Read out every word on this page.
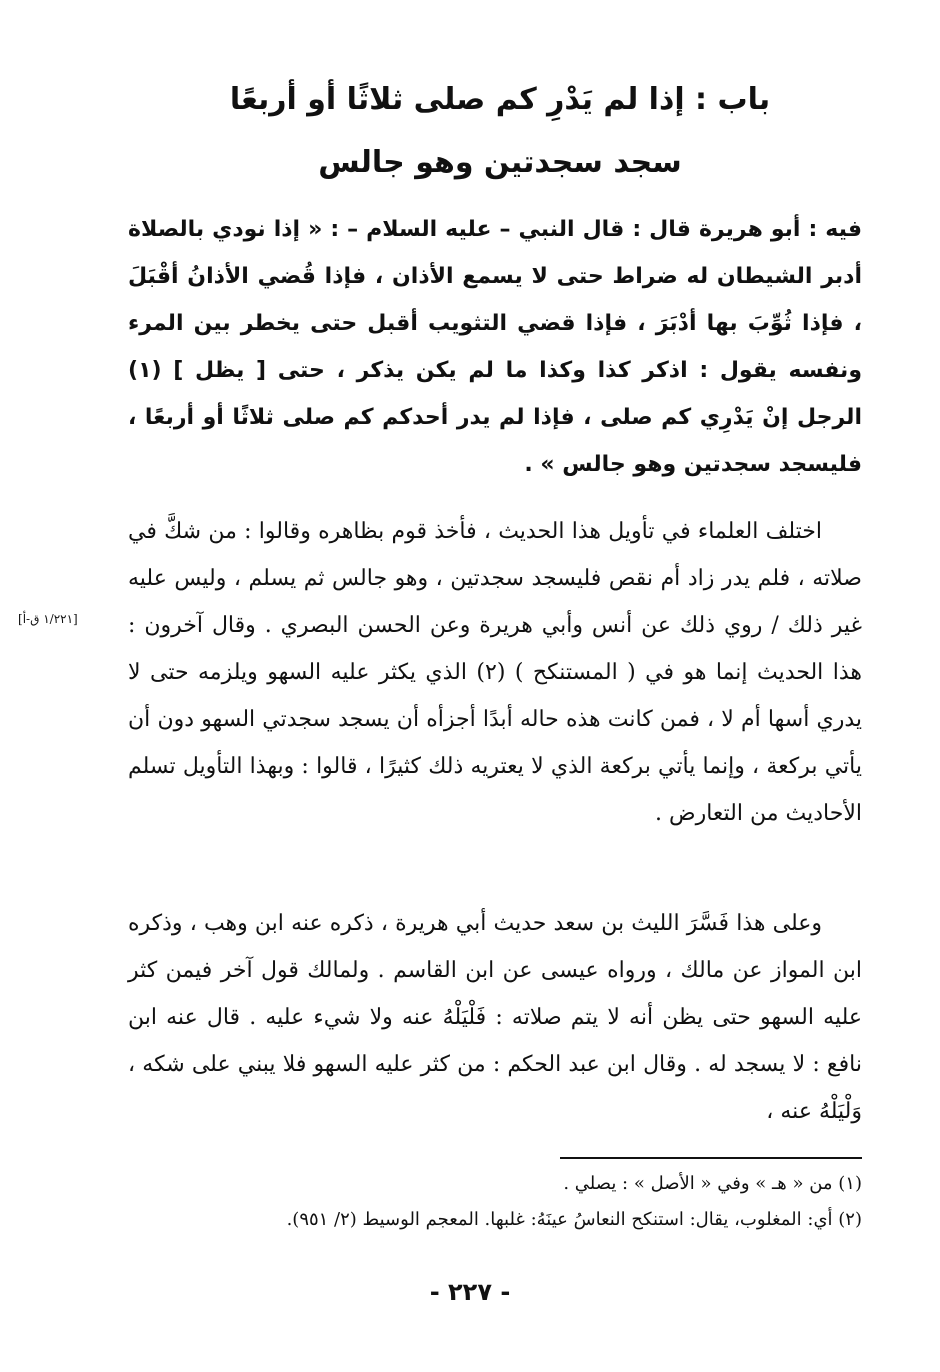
باب : إذا لم يَدْرِ كم صلى ثلاثًا أو أربعًا
سجد سجدتين وهو جالس
فيه : أبو هريرة قال : قال النبي – عليه السلام – : « إذا نودي بالصلاة أدبر الشيطان له ضراط حتى لا يسمع الأذان ، فإذا قُضي الأذانُ أقْبَلَ ، فإذا ثُوِّبَ بها أدْبَرَ ، فإذا قضي التثويب أقبل حتى يخطر بين المرء ونفسه يقول : اذكر كذا وكذا ما لم يكن يذكر ، حتى [ يظل ] (١) الرجل إنْ يَدْرِي كم صلى ، فإذا لم يدر أحدكم كم صلى ثلاثًا أو أربعًا ، فليسجد سجدتين وهو جالس » .
اختلف العلماء في تأويل هذا الحديث ، فأخذ قوم بظاهره وقالوا : من شكَّ في صلاته ، فلم يدر زاد أم نقص فليسجد سجدتين ، وهو جالس ثم يسلم ، وليس عليه غير ذلك / روي ذلك عن أنس وأبي هريرة وعن الحسن البصري . وقال آخرون : هذا الحديث إنما هو في ( المستنكح ) (٢) الذي يكثر عليه السهو ويلزمه حتى لا يدري أسها أم لا ، فمن كانت هذه حاله أبدًا أجزأه أن يسجد سجدتي السهو دون أن يأتي بركعة ، وإنما يأتي بركعة الذي لا يعتريه ذلك كثيرًا ، قالوا : وبهذا التأويل تسلم الأحاديث من التعارض .
[١/٢٢١ ق-أ]
وعلى هذا فَسَّرَ الليث بن سعد حديث أبي هريرة ، ذكره عنه ابن وهب ، وذكره ابن المواز عن مالك ، ورواه عيسى عن ابن القاسم . ولمالك قول آخر فيمن كثر عليه السهو حتى يظن أنه لا يتم صلاته : فَلْيَلْهُ عنه ولا شيء عليه . قال عنه ابن نافع : لا يسجد له . وقال ابن عبد الحكم : من كثر عليه السهو فلا يبني على شكه ، وَلْيَلْهُ عنه ،
(١) من « هـ » وفي « الأصل » : يصلي .
(٢) أي: المغلوب، يقال: استنكح النعاسُ عينَهُ: غلبها. المعجم الوسيط (٢/ ٩٥١).
- ٢٢٧ -
